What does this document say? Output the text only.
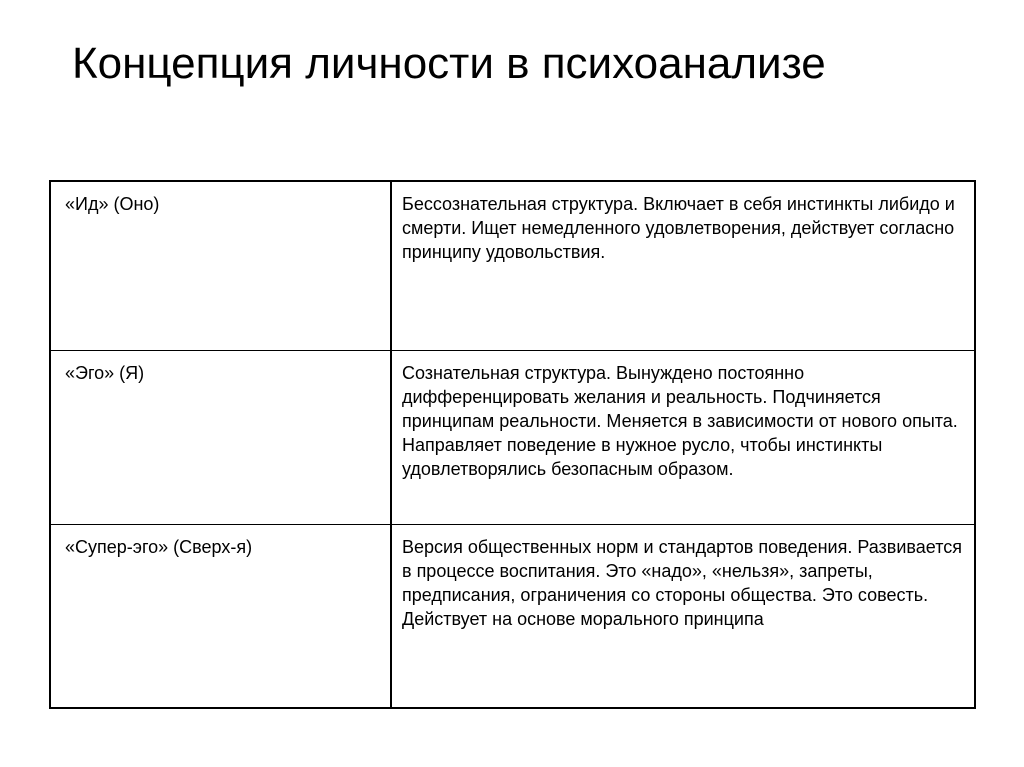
Концепция личности в психоанализе
«Ид» (Оно)	Бессознательная структура. Включает в себя инстинкты либидо и смерти. Ищет немедленного удовлетворения, действует согласно принципу удовольствия.
«Эго» (Я)	Сознательная структура. Вынуждено постоянно дифференцировать желания и реальность. Подчиняется принципам реальности. Меняется в зависимости от нового опыта. Направляет поведение в нужное русло, чтобы инстинкты удовлетворялись безопасным образом.
«Супер-эго» (Сверх-я)	Версия общественных норм и стандартов поведения. Развивается в процессе воспитания. Это «надо», «нельзя», запреты, предписания, ограничения со стороны общества. Это совесть. Действует на основе морального принципа
